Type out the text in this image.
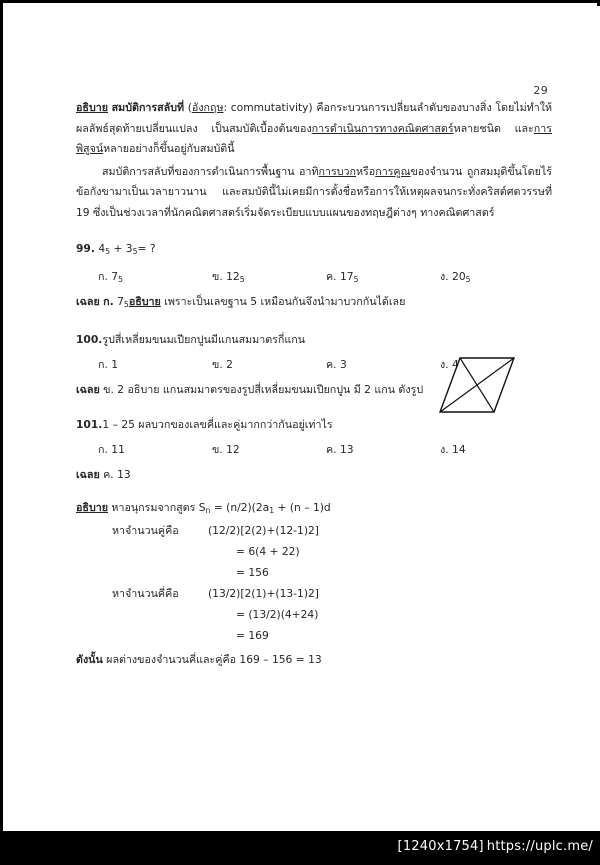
29

อธิบาย สมบัติการสลับที่ (อังกฤษ: commutativity) คือกระบวนการเปลี่ยนลำดับของบางสิ่ง โดยไม่ทำให้ผลลัพธ์สุดท้ายเปลี่ยนแปลง เป็นสมบัติเบื้องต้นของการดำเนินการทางคณิตศาสตร์หลายชนิด และการพิสูจน์หลายอย่างก็ขึ้นอยู่กับสมบัตินี้

สมบัติการสลับที่ของการดำเนินการพื้นฐาน อาทิการบวกหรือการคูณของจำนวน ถูกสมมุติขึ้นโดยไร้ข้อกังขามาเป็นเวลายาวนาน และสมบัตินี้ไม่เคยมีการตั้งชื่อหรือการให้เหตุผลจนกระทั่งคริสต์ศตวรรษที่ 19 ซึ่งเป็นช่วงเวลาที่นักคณิตศาสตร์เริ่มจัดระเบียบแบบแผนของทฤษฎีต่างๆ ทางคณิตศาสตร์

99. $4_5 + 3_5=$ ?
ก. $7_5$	ข. $12_5$	ค. $17_5$	ง. $20_5$
เฉลย ก. $7_5$อธิบาย เพราะเป็นเลขฐาน 5 เหมือนกันจึงนำมาบวกกันได้เลย
100.รูปสี่เหลี่ยมขนมเปียกปูนมีแกนสมมาตรกี่แกน
ก. 1	ข. 2	ค. 3	ง. 4
เฉลย ข. 2 อธิบาย แกนสมมาตรของรูปสี่เหลี่ยมขนมเปียกปูน มี 2 แกน ดังรูป
101.1 – 25 ผลบวกของเลขคี่และคู่มากกว่ากันอยู่เท่าไร
ก. 11	ข. 12	ค. 13	ง. 14
เฉลย ค. 13
อธิบาย หาอนุกรมจากสูตร $S_n = (n/2)(2a_1 + (n - 1)d$
หาจำนวนคู่คือ	(12/2)[2(2)+(12-1)2]
= 6(4 + 22)
= 156
หาจำนวนคี่คือ	(13/2)[2(1)+(13-1)2]
= (13/2)(4+24)
= 169
ดังนั้น ผลต่างของจำนวนคี่และคู่คือ 169 – 156 = 13
[1240x1754] https://uplc.me/
